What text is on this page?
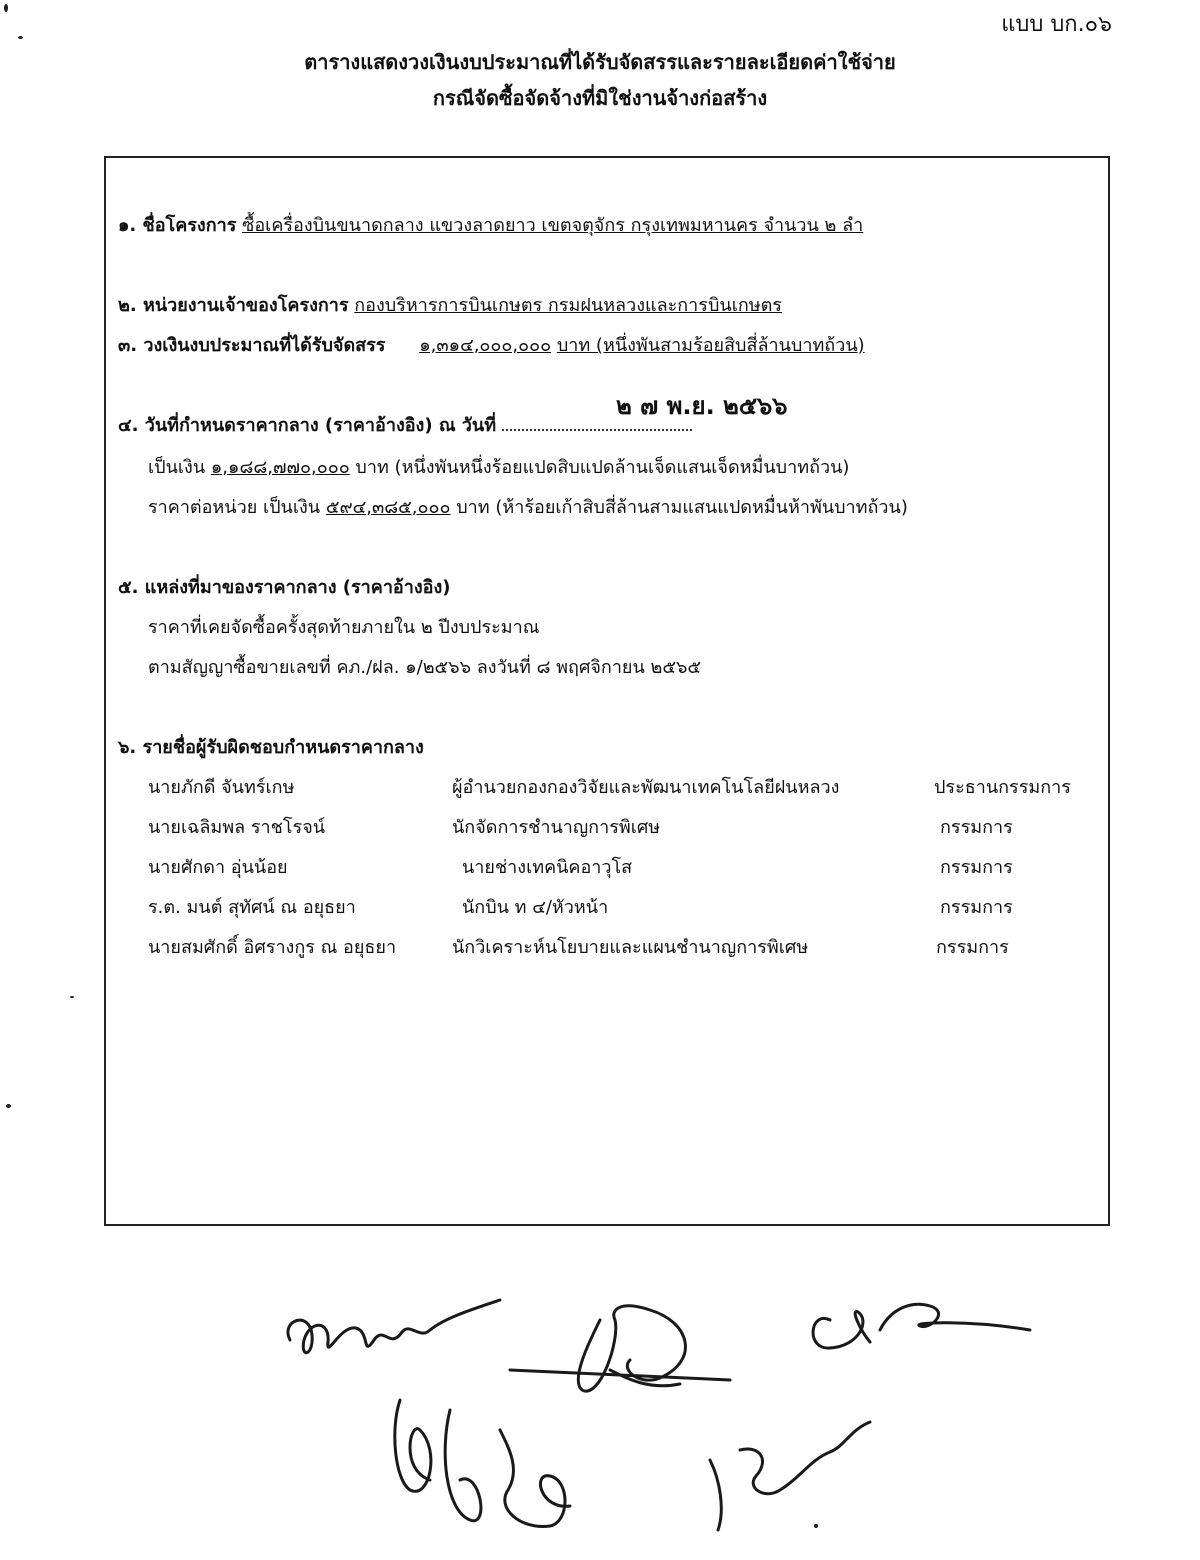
แบบ บก.๐๖
ตารางแสดงวงเงินงบประมาณที่ได้รับจัดสรรและรายละเอียดค่าใช้จ่าย
กรณีจัดซื้อจัดจ้างที่มิใช่งานจ้างก่อสร้าง
๑. ชื่อโครงการ ซื้อเครื่องบินขนาดกลาง แขวงลาดยาว เขตจตุจักร กรุงเทพมหานคร จำนวน ๒ ลำ
๒. หน่วยงานเจ้าของโครงการ กองบริหารการบินเกษตร กรมฝนหลวงและการบินเกษตร
๓. วงเงินงบประมาณที่ได้รับจัดสรร ๑,๓๑๔,๐๐๐,๐๐๐ บาท (หนึ่งพันสามร้อยสิบสี่ล้านบาทถ้วน)
๔. วันที่กำหนดราคากลาง (ราคาอ้างอิง) ณ วันที่
๒ ๗ พ.ย. ๒๕๖๖
เป็นเงิน ๑,๑๘๘,๗๗๐,๐๐๐ บาท (หนึ่งพันหนึ่งร้อยแปดสิบแปดล้านเจ็ดแสนเจ็ดหมื่นบาทถ้วน)
ราคาต่อหน่วย เป็นเงิน ๕๙๔,๓๘๕,๐๐๐ บาท (ห้าร้อยเก้าสิบสี่ล้านสามแสนแปดหมื่นห้าพันบาทถ้วน)
๕. แหล่งที่มาของราคากลาง (ราคาอ้างอิง)
ราคาที่เคยจัดซื้อครั้งสุดท้ายภายใน ๒ ปีงบประมาณ
ตามสัญญาซื้อขายเลขที่ คภ./ฝล. ๑/๒๕๖๖ ลงวันที่ ๘ พฤศจิกายน ๒๕๖๕
๖. รายชื่อผู้รับผิดชอบกำหนดราคากลาง
นายภักดี จันทร์เกษ	ผู้อำนวยกองกองวิจัยและพัฒนาเทคโนโลยีฝนหลวง	ประธานกรรมการ
นายเฉลิมพล ราชโรจน์	นักจัดการชำนาญการพิเศษ	กรรมการ
นายศักดา อุ่นน้อย	นายช่างเทคนิคอาวุโส	กรรมการ
ร.ต. มนต์ สุทัศน์ ณ อยุธยา	นักบิน ท ๔/หัวหน้า	กรรมการ
นายสมศักดิ์ อิศรางกูร ณ อยุธยา	นักวิเคราะห์นโยบายและแผนชำนาญการพิเศษ	กรรมการ
